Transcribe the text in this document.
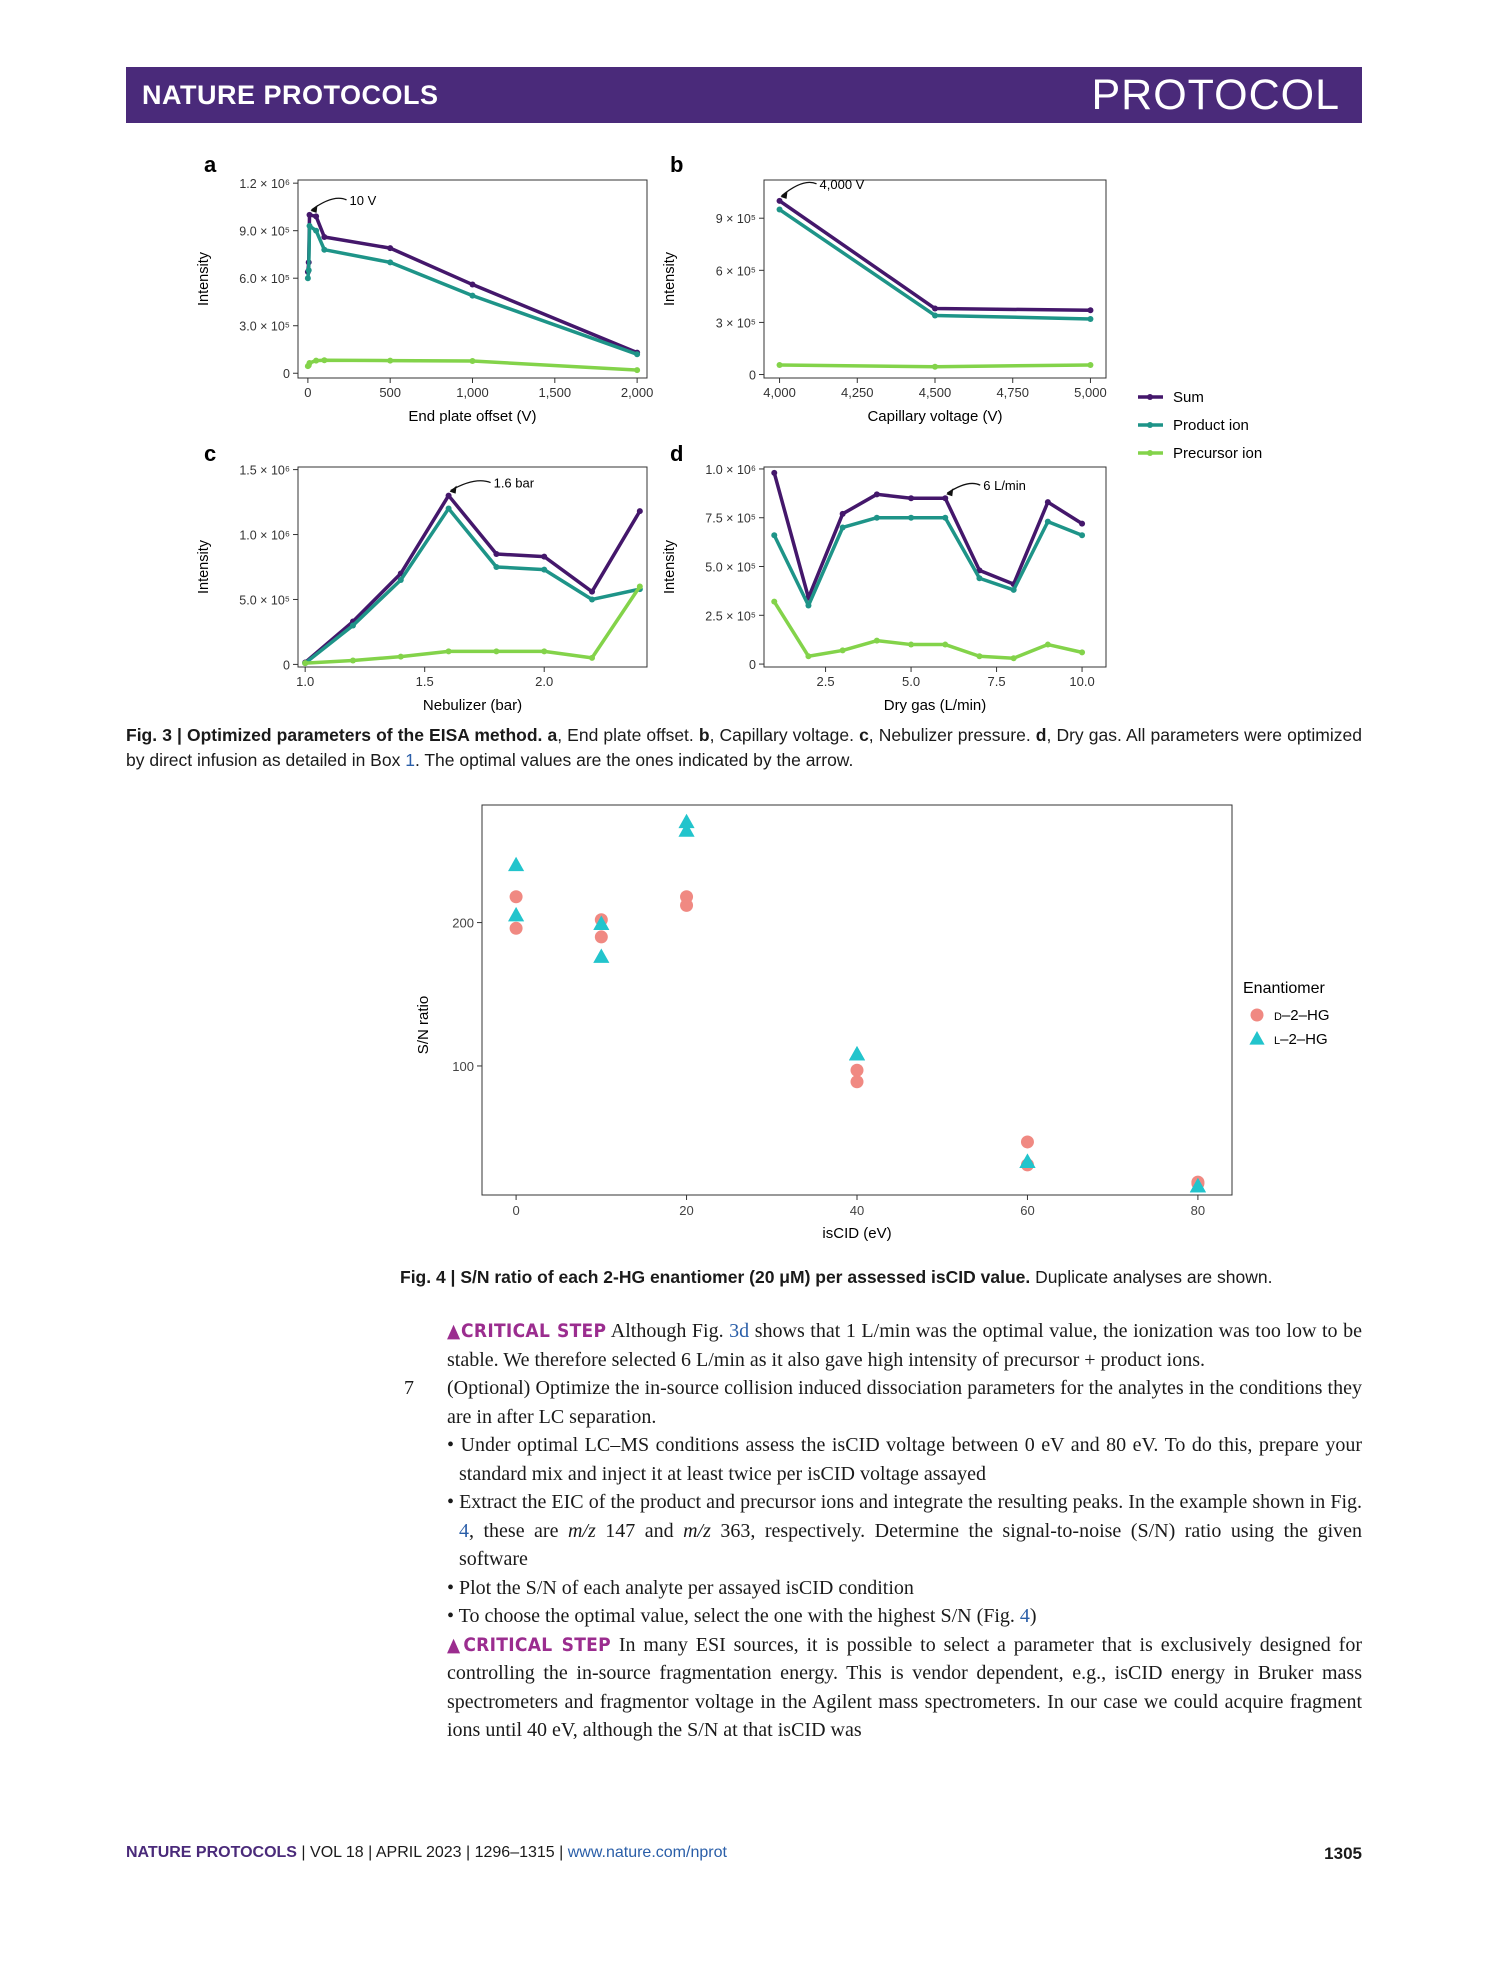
NATURE PROTOCOLS	PROTOCOL
a
0	500	1,000	1,500	2,000
0
3.0 × 10⁵
6.0 × 10⁵
9.0 × 10⁵
1.2 × 10⁶
End plate offset (V)
Intensity
10 V
b
4,000	4,250	4,500	4,750	5,000
0
3 × 10⁵
6 × 10⁵
9 × 10⁵
Capillary voltage (V)
Intensity
4,000 V
c
1.0	1.5	2.0
0
5.0 × 10⁵
1.0 × 10⁶
1.5 × 10⁶
Nebulizer (bar)
Intensity
1.6 bar
d
2.5	5.0	7.5	10.0
0
2.5 × 10⁵
5.0 × 10⁵
7.5 × 10⁵
1.0 × 10⁶
Dry gas (L/min)
Intensity
6 L/min
Sum
Product ion
Precursor ion
Fig. 3 | Optimized parameters of the EISA method. a, End plate offset. b, Capillary voltage. c, Nebulizer pressure. d, Dry gas. All parameters were optimized by direct infusion as detailed in Box 1. The optimal values are the ones indicated by the arrow.
0	20	40	60	80
100
200
isCID (eV)
S/N ratio
Enantiomer
D–2–HG
L–2–HG
Fig. 4 | S/N ratio of each 2-HG enantiomer (20 μM) per assessed isCID value. Duplicate analyses are shown.

▲CRITICAL STEP Although Fig. 3d shows that 1 L/min was the optimal value, the ionization was too low to be stable. We therefore selected 6 L/min as it also gave high intensity of precursor + product ions.

7 (Optional) Optimize the in-source collision induced dissociation parameters for the analytes in the conditions they are in after LC separation.

• Under optimal LC–MS conditions assess the isCID voltage between 0 eV and 80 eV. To do this, prepare your standard mix and inject it at least twice per isCID voltage assayed

• Extract the EIC of the product and precursor ions and integrate the resulting peaks. In the example shown in Fig. 4, these are m/z 147 and m/z 363, respectively. Determine the signal-to-noise (S/N) ratio using the given software

• Plot the S/N of each analyte per assayed isCID condition

• To choose the optimal value, select the one with the highest S/N (Fig. 4)

▲CRITICAL STEP In many ESI sources, it is possible to select a parameter that is exclusively designed for controlling the in-source fragmentation energy. This is vendor dependent, e.g., isCID energy in Bruker mass spectrometers and fragmentor voltage in the Agilent mass spectrometers. In our case we could acquire fragment ions until 40 eV, although the S/N at that isCID was

NATURE PROTOCOLS | VOL 18 | APRIL 2023 | 1296–1315 | www.nature.com/nprot	1305
